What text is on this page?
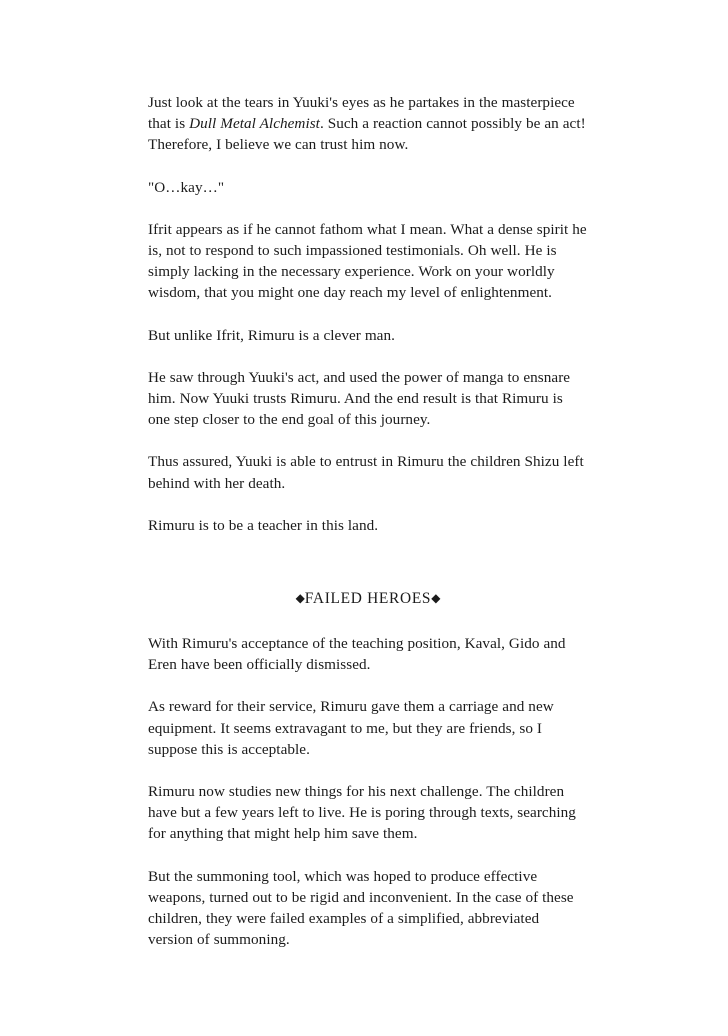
Just look at the tears in Yuuki's eyes as he partakes in the masterpiece that is Dull Metal Alchemist. Such a reaction cannot possibly be an act! Therefore, I believe we can trust him now.

"O…kay…"

Ifrit appears as if he cannot fathom what I mean. What a dense spirit he is, not to respond to such impassioned testimonials. Oh well. He is simply lacking in the necessary experience. Work on your worldly wisdom, that you might one day reach my level of enlightenment.

But unlike Ifrit, Rimuru is a clever man.

He saw through Yuuki's act, and used the power of manga to ensnare him. Now Yuuki trusts Rimuru. And the end result is that Rimuru is one step closer to the end goal of this journey.

Thus assured, Yuuki is able to entrust in Rimuru the children Shizu left behind with her death.

Rimuru is to be a teacher in this land.

◆FAILED HEROES◆

With Rimuru's acceptance of the teaching position, Kaval, Gido and Eren have been officially dismissed.

As reward for their service, Rimuru gave them a carriage and new equipment. It seems extravagant to me, but they are friends, so I suppose this is acceptable.

Rimuru now studies new things for his next challenge. The children have but a few years left to live. He is poring through texts, searching for anything that might help him save them.

But the summoning tool, which was hoped to produce effective weapons, turned out to be rigid and inconvenient. In the case of these children, they were failed examples of a simplified, abbreviated version of summoning.
